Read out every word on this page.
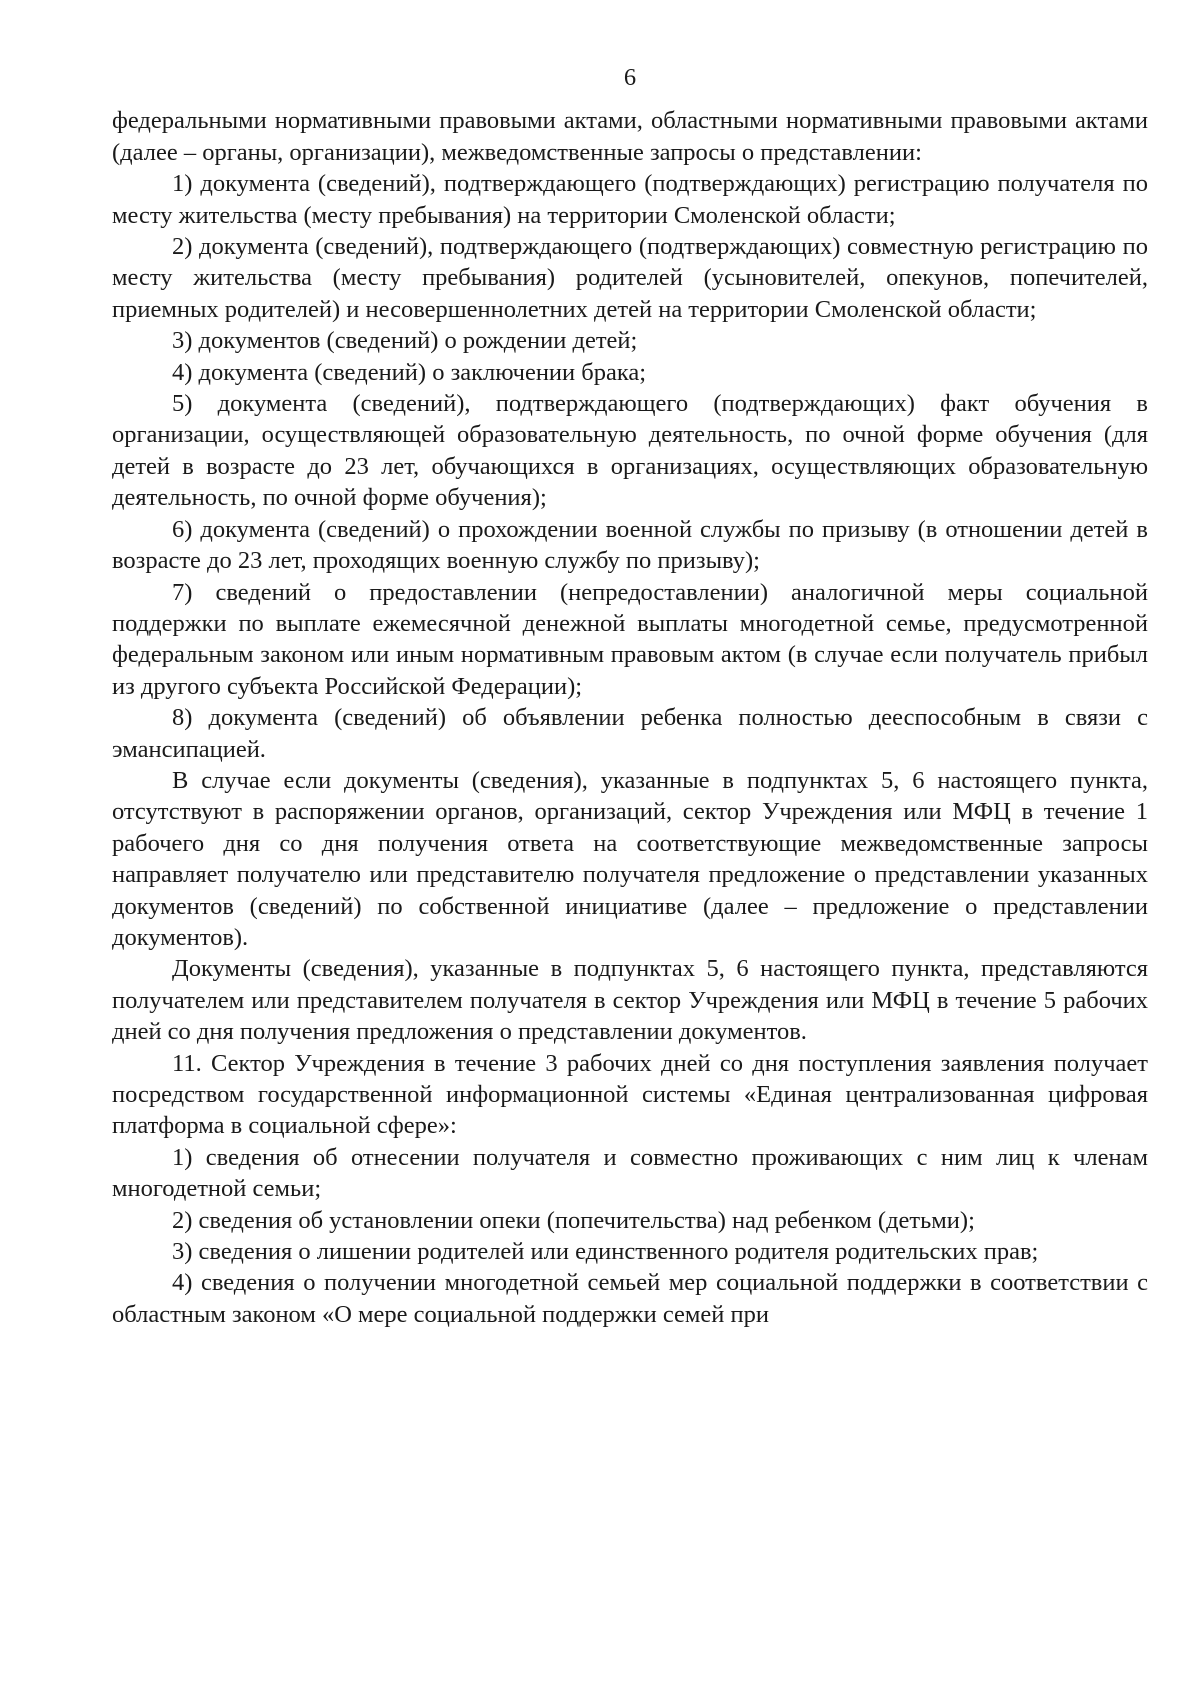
6

федеральными нормативными правовыми актами, областными нормативными правовыми актами (далее – органы, организации), межведомственные запросы о представлении:

1) документа (сведений), подтверждающего (подтверждающих) регистрацию получателя по месту жительства (месту пребывания) на территории Смоленской области;

2) документа (сведений), подтверждающего (подтверждающих) совместную регистрацию по месту жительства (месту пребывания) родителей (усыновителей, опекунов, попечителей, приемных родителей) и несовершеннолетних детей на территории Смоленской области;

3) документов (сведений) о рождении детей;

4) документа (сведений) о заключении брака;

5) документа (сведений), подтверждающего (подтверждающих) факт обучения в организации, осуществляющей образовательную деятельность, по очной форме обучения (для детей в возрасте до 23 лет, обучающихся в организациях, осуществляющих образовательную деятельность, по очной форме обучения);

6) документа (сведений) о прохождении военной службы по призыву (в отношении детей в возрасте до 23 лет, проходящих военную службу по призыву);

7) сведений о предоставлении (непредоставлении) аналогичной меры социальной поддержки по выплате ежемесячной денежной выплаты многодетной семье, предусмотренной федеральным законом или иным нормативным правовым актом (в случае если получатель прибыл из другого субъекта Российской Федерации);

8) документа (сведений) об объявлении ребенка полностью дееспособным в связи с эмансипацией.

В случае если документы (сведения), указанные в подпунктах 5, 6 настоящего пункта, отсутствуют в распоряжении органов, организаций, сектор Учреждения или МФЦ в течение 1 рабочего дня со дня получения ответа на соответствующие межведомственные запросы направляет получателю или представителю получателя предложение о представлении указанных документов (сведений) по собственной инициативе (далее – предложение о представлении документов).

Документы (сведения), указанные в подпунктах 5, 6 настоящего пункта, представляются получателем или представителем получателя в сектор Учреждения или МФЦ в течение 5 рабочих дней со дня получения предложения о представлении документов.

11. Сектор Учреждения в течение 3 рабочих дней со дня поступления заявления получает посредством государственной информационной системы «Единая централизованная цифровая платформа в социальной сфере»:

1) сведения об отнесении получателя и совместно проживающих с ним лиц к членам многодетной семьи;

2) сведения об установлении опеки (попечительства) над ребенком (детьми);

3) сведения о лишении родителей или единственного родителя родительских прав;

4) сведения о получении многодетной семьей мер социальной поддержки в соответствии с областным законом «О мере социальной поддержки семей при
